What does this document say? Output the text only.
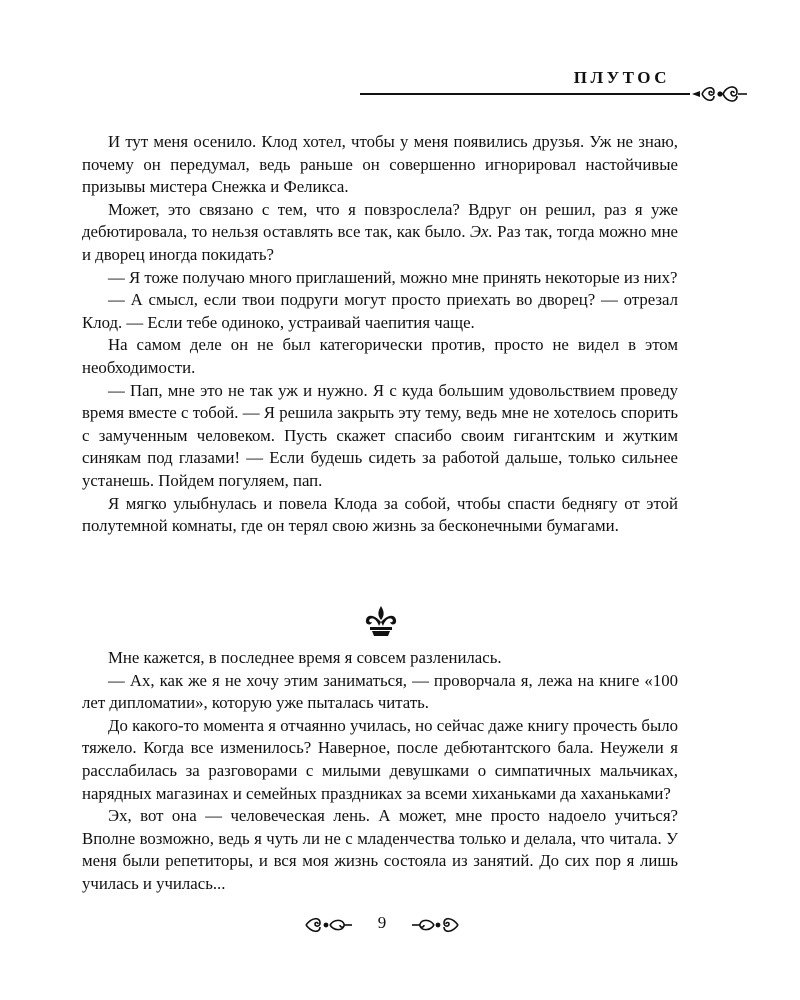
ПЛУТОС

И тут меня осенило. Клод хотел, чтобы у меня появились друзья. Уж не знаю, почему он передумал, ведь раньше он совершенно игнорировал настойчивые призывы мистера Снежка и Феликса.

Может, это связано с тем, что я повзрослела? Вдруг он решил, раз я уже дебютировала, то нельзя оставлять все так, как было. Эх. Раз так, тогда можно мне и дворец иногда покидать?

— Я тоже получаю много приглашений, можно мне принять некоторые из них?

— А смысл, если твои подруги могут просто приехать во дворец? — отрезал Клод. — Если тебе одиноко, устраивай чаепития чаще.

На самом деле он не был категорически против, просто не видел в этом необходимости.

— Пап, мне это не так уж и нужно. Я с куда большим удовольствием проведу время вместе с тобой. — Я решила закрыть эту тему, ведь мне не хотелось спорить с замученным человеком. Пусть скажет спасибо своим гигантским и жутким синякам под глазами! — Если будешь сидеть за работой дальше, только сильнее устанешь. Пойдем погуляем, пап.

Я мягко улыбнулась и повела Клода за собой, чтобы спасти беднягу от этой полутемной комнаты, где он терял свою жизнь за бесконечными бумагами.

Мне кажется, в последнее время я совсем разленилась.

— Ах, как же я не хочу этим заниматься, — проворчала я, лежа на книге «100 лет дипломатии», которую уже пыталась читать.

До какого-то момента я отчаянно училась, но сейчас даже книгу прочесть было тяжело. Когда все изменилось? Наверное, после дебютантского бала. Неужели я расслабилась за разговорами с милыми девушками о симпатичных мальчиках, нарядных магазинах и семейных праздниках за всеми хиханьками да хаханьками?

Эх, вот она — человеческая лень. А может, мне просто надоело учиться? Вполне возможно, ведь я чуть ли не с младенчества только и делала, что читала. У меня были репетиторы, и вся моя жизнь состояла из занятий. До сих пор я лишь училась и училась...

9
